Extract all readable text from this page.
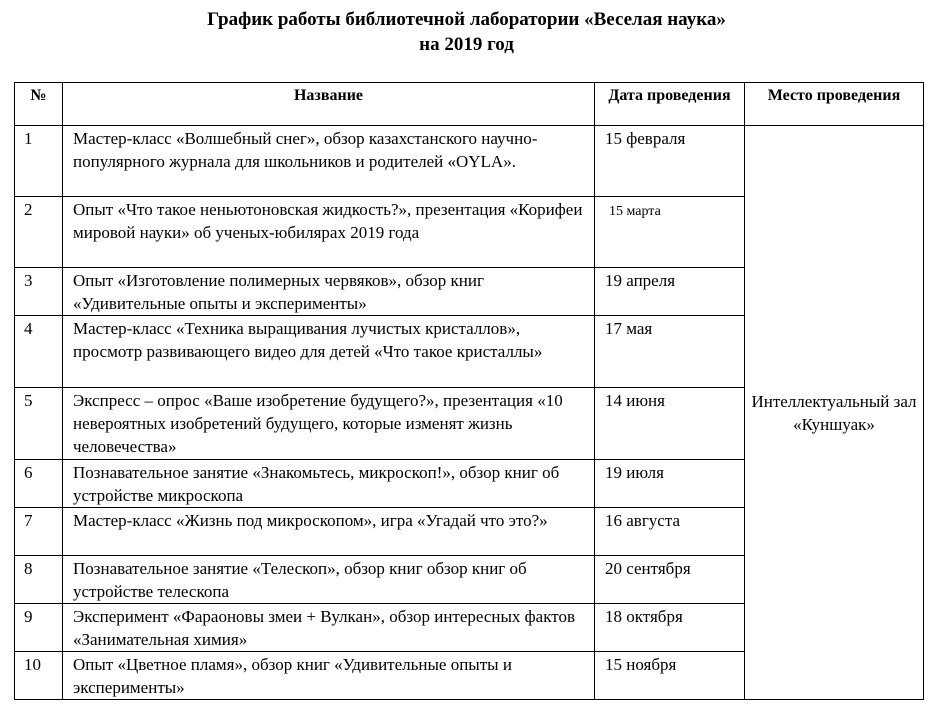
График работы библиотечной лаборатории «Веселая наука»
на 2019 год
№	Название	Дата проведения	Место проведения
1	Мастер-класс «Волшебный снег», обзор казахстанского научно-популярного журнала для школьников и родителей «OYLA».	15 февраля	Интеллектуальный зал «Куншуак»
2	Опыт «Что такое неньютоновская жидкость?», презентация «Корифеи мировой науки» об ученых-юбилярах 2019 года	15 марта	
3	Опыт «Изготовление полимерных червяков», обзор книг «Удивительные опыты и эксперименты»	19 апреля	
4	Мастер-класс «Техника выращивания лучистых кристаллов», просмотр развивающего видео для детей «Что такое кристаллы»	17 мая	
5	Экспресс – опрос «Ваше изобретение будущего?», презентация «10 невероятных изобретений будущего, которые изменят жизнь человечества»	14 июня	
6	Познавательное занятие «Знакомьтесь, микроскоп!», обзор книг об устройстве микроскопа	19 июля	
7	Мастер-класс «Жизнь под микроскопом», игра «Угадай что это?»	16 августа	
8	Познавательное занятие «Телескоп», обзор книг обзор книг об устройстве телескопа	20 сентября	
9	Эксперимент «Фараоновы змеи + Вулкан», обзор интересных фактов «Занимательная химия»	18 октября	
10	Опыт «Цветное пламя», обзор книг «Удивительные опыты и эксперименты»	15 ноября	
